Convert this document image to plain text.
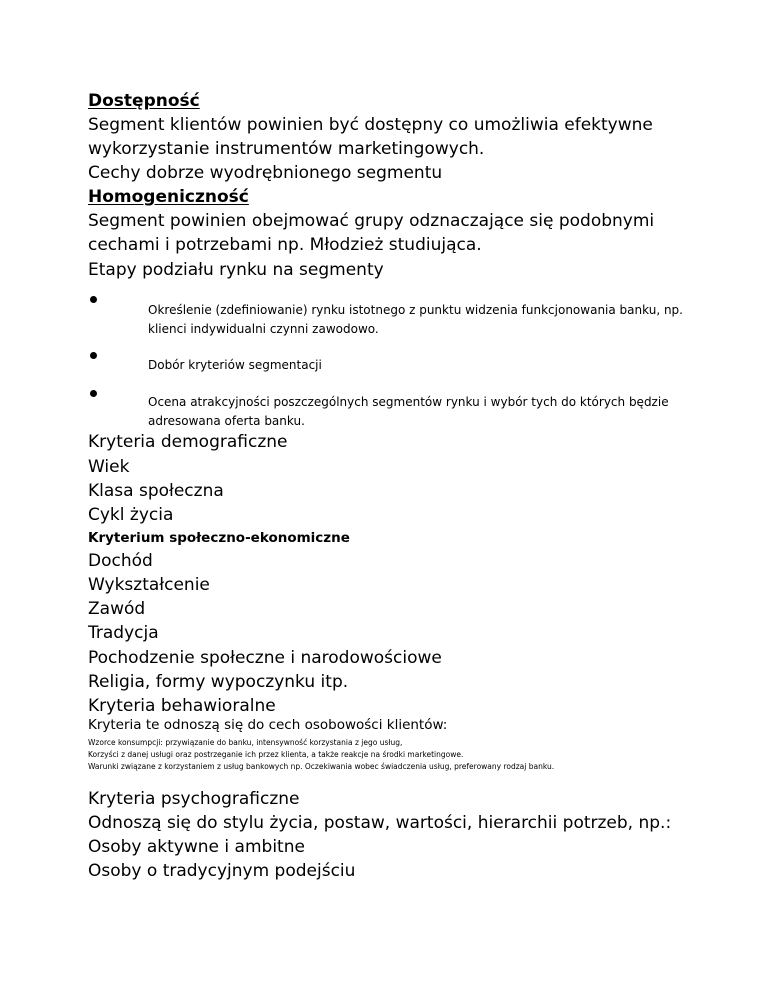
Dostępność

Segment klientów powinien być dostępny co umożliwia efektywne

wykorzystanie instrumentów marketingowych.

Cechy dobrze wyodrębnionego segmentu

Homogeniczność

Segment powinien obejmować grupy odznaczające się podobnymi

cechami i potrzebami np. Młodzież studiująca.

Etapy podziału rynku na segmenty

Określenie (zdefiniowanie) rynku istotnego z punktu widzenia funkcjonowania banku, np. klienci indywidualni czynni zawodowo.

Dobór kryteriów segmentacji

Ocena atrakcyjności poszczególnych segmentów rynku i wybór tych do których będzie adresowana oferta banku.

Kryteria demograficzne

Wiek

Klasa społeczna

Cykl życia

Kryterium społeczno-ekonomiczne

Dochód

Wykształcenie

Zawód

Tradycja

Pochodzenie społeczne i narodowościowe

Religia, formy wypoczynku itp.

Kryteria behawioralne

Kryteria te odnoszą się do cech osobowości klientów:

Wzorce konsumpcji: przywiązanie do banku, intensywność korzystania z jego usług,

Korzyści z danej usługi oraz postrzeganie ich przez klienta, a także reakcje na środki marketingowe.

Warunki związane z korzystaniem z usług bankowych np. Oczekiwania wobec świadczenia usług, preferowany rodzaj banku.

Kryteria psychograficzne

Odnoszą się do stylu życia, postaw, wartości, hierarchii potrzeb, np.:

Osoby aktywne i ambitne

Osoby o tradycyjnym podejściu
